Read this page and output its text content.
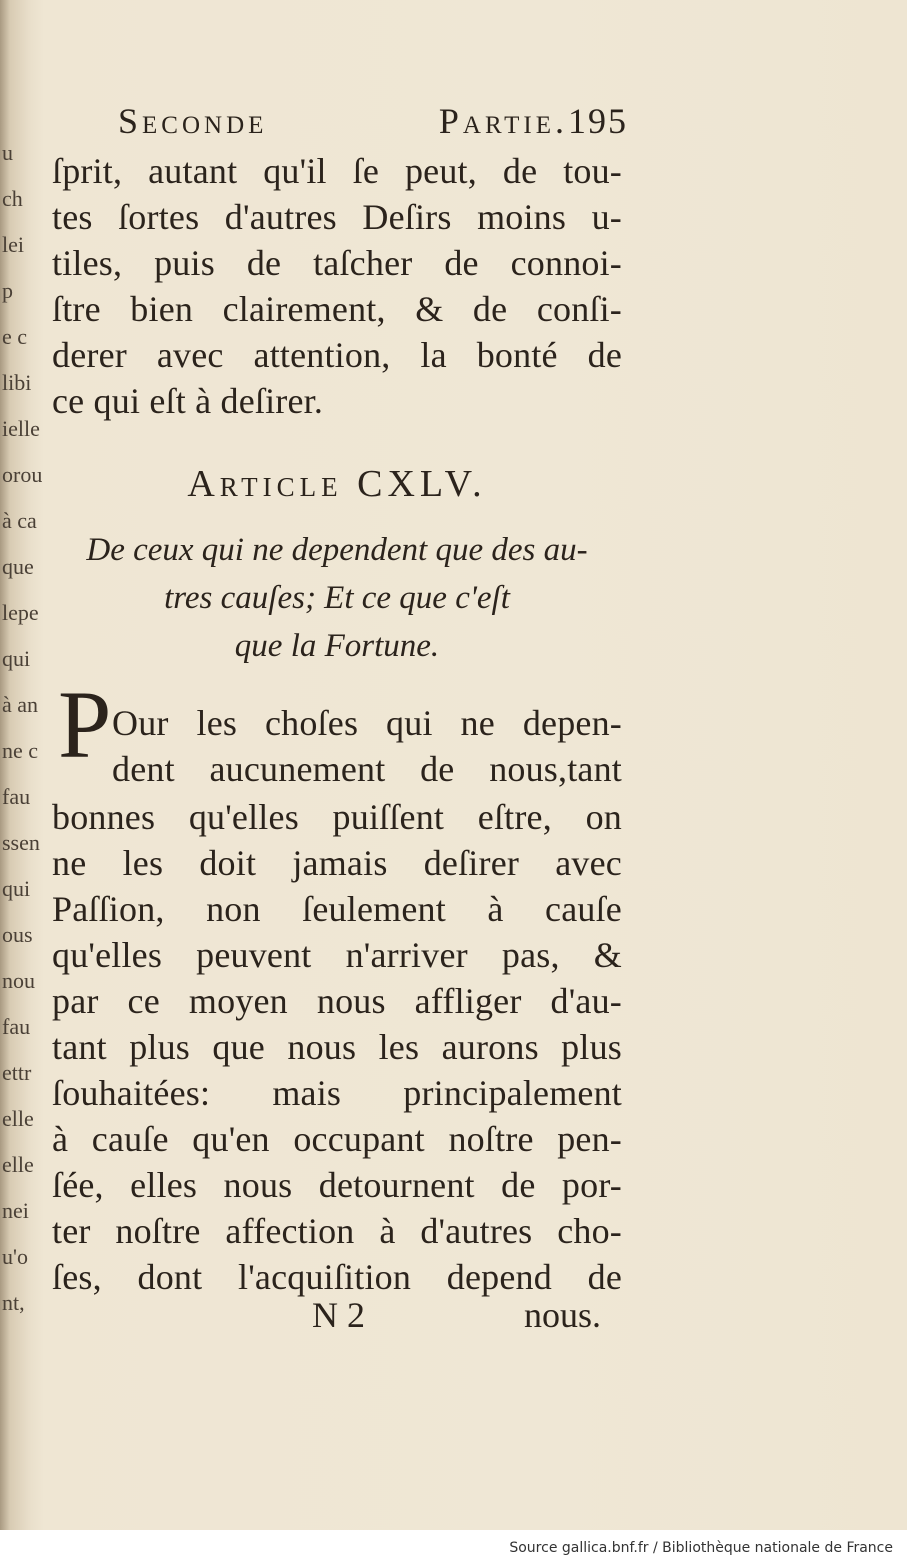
u
ch
lei
p
e c
libi
ielle
orou
à ca
que
lepe
qui
à an
ne c
fau
ssen
qui
ous
nou
fau
ettr
elle
elle
nei
u'o
nt,
Seconde Partie. 195
ſprit, autant qu'il ſe peut, de tou-
tes ſortes d'autres Deſirs moins u-
tiles, puis de taſcher de connoi-
ſtre bien clairement, & de conſi-
derer avec attention, la bonté de
ce qui eſt à deſirer.
Article CXLV.
De ceux qui ne dependent que des au-
tres cauſes; Et ce que c'eſt
que la Fortune.
P Our les choſes qui ne depen-
dent aucunement de nous,tant
bonnes qu'elles puiſſent eſtre, on
ne les doit jamais deſirer avec
Paſſion, non ſeulement à cauſe
qu'elles peuvent n'arriver pas, &
par ce moyen nous affliger d'au-
tant plus que nous les aurons plus
ſouhaitées: mais principalement
à cauſe qu'en occupant noſtre pen-
ſée, elles nous detournent de por-
ter noſtre affection à d'autres cho-
ſes, dont l'acquiſition depend de
N 2	nous.
Source gallica.bnf.fr / Bibliothèque nationale de France
